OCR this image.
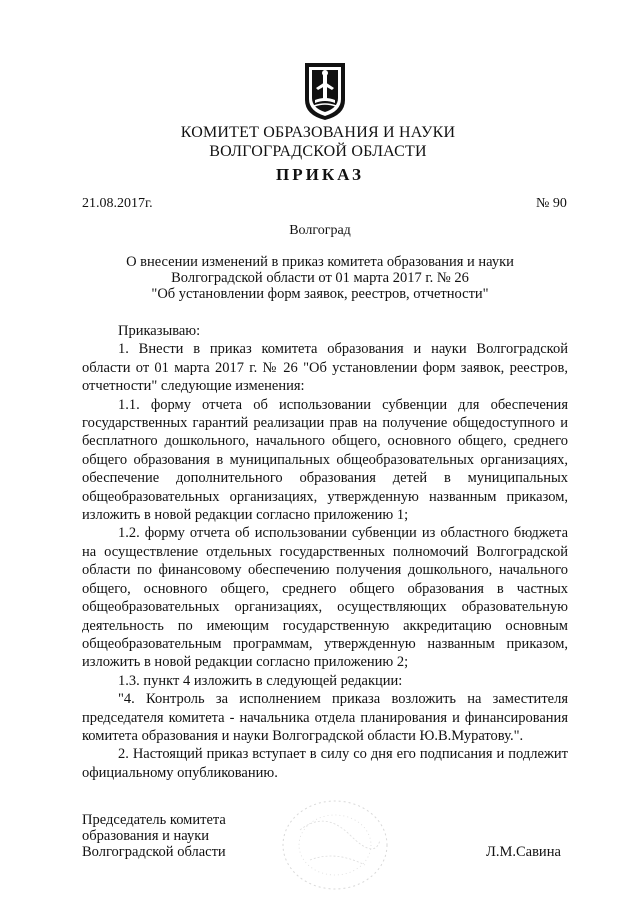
КОМИТЕТ ОБРАЗОВАНИЯ И НАУКИ
ВОЛГОГРАДСКОЙ ОБЛАСТИ
ПРИКАЗ
21.08.2017г.	№ 90
Волгоград
О внесении изменений в приказ комитета образования и науки
Волгоградской области от 01 марта 2017 г. № 26
"Об установлении форм заявок, реестров, отчетности"

Приказываю:

1. Внести в приказ комитета образования и науки Волгоградской области от 01 марта 2017 г. № 26 "Об установлении форм заявок, реестров, отчетности" следующие изменения:

1.1. форму отчета об использовании субвенции для обеспечения государственных гарантий реализации прав на получение общедоступного и бесплатного дошкольного, начального общего, основного общего, среднего общего образования в муниципальных общеобразовательных организациях, обеспечение дополнительного образования детей в муниципальных общеобразовательных организациях, утвержденную названным приказом, изложить в новой редакции согласно приложению 1;

1.2. форму отчета об использовании субвенции из областного бюджета на осуществление отдельных государственных полномочий Волгоградской области по финансовому обеспечению получения дошкольного, начального общего, основного общего, среднего общего образования в частных общеобразовательных организациях, осуществляющих образовательную деятельность по имеющим государственную аккредитацию основным общеобразовательным программам, утвержденную названным приказом, изложить в новой редакции согласно приложению 2;

1.3. пункт 4 изложить в следующей редакции:

"4. Контроль за исполнением приказа возложить на заместителя председателя комитета - начальника отдела планирования и финансирования комитета образования и науки Волгоградской области Ю.В.Муратову.".

2. Настоящий приказ вступает в силу со дня его подписания и подлежит официальному опубликованию.

Председатель комитета
образования и науки
Волгоградской области	Л.М.Савина
